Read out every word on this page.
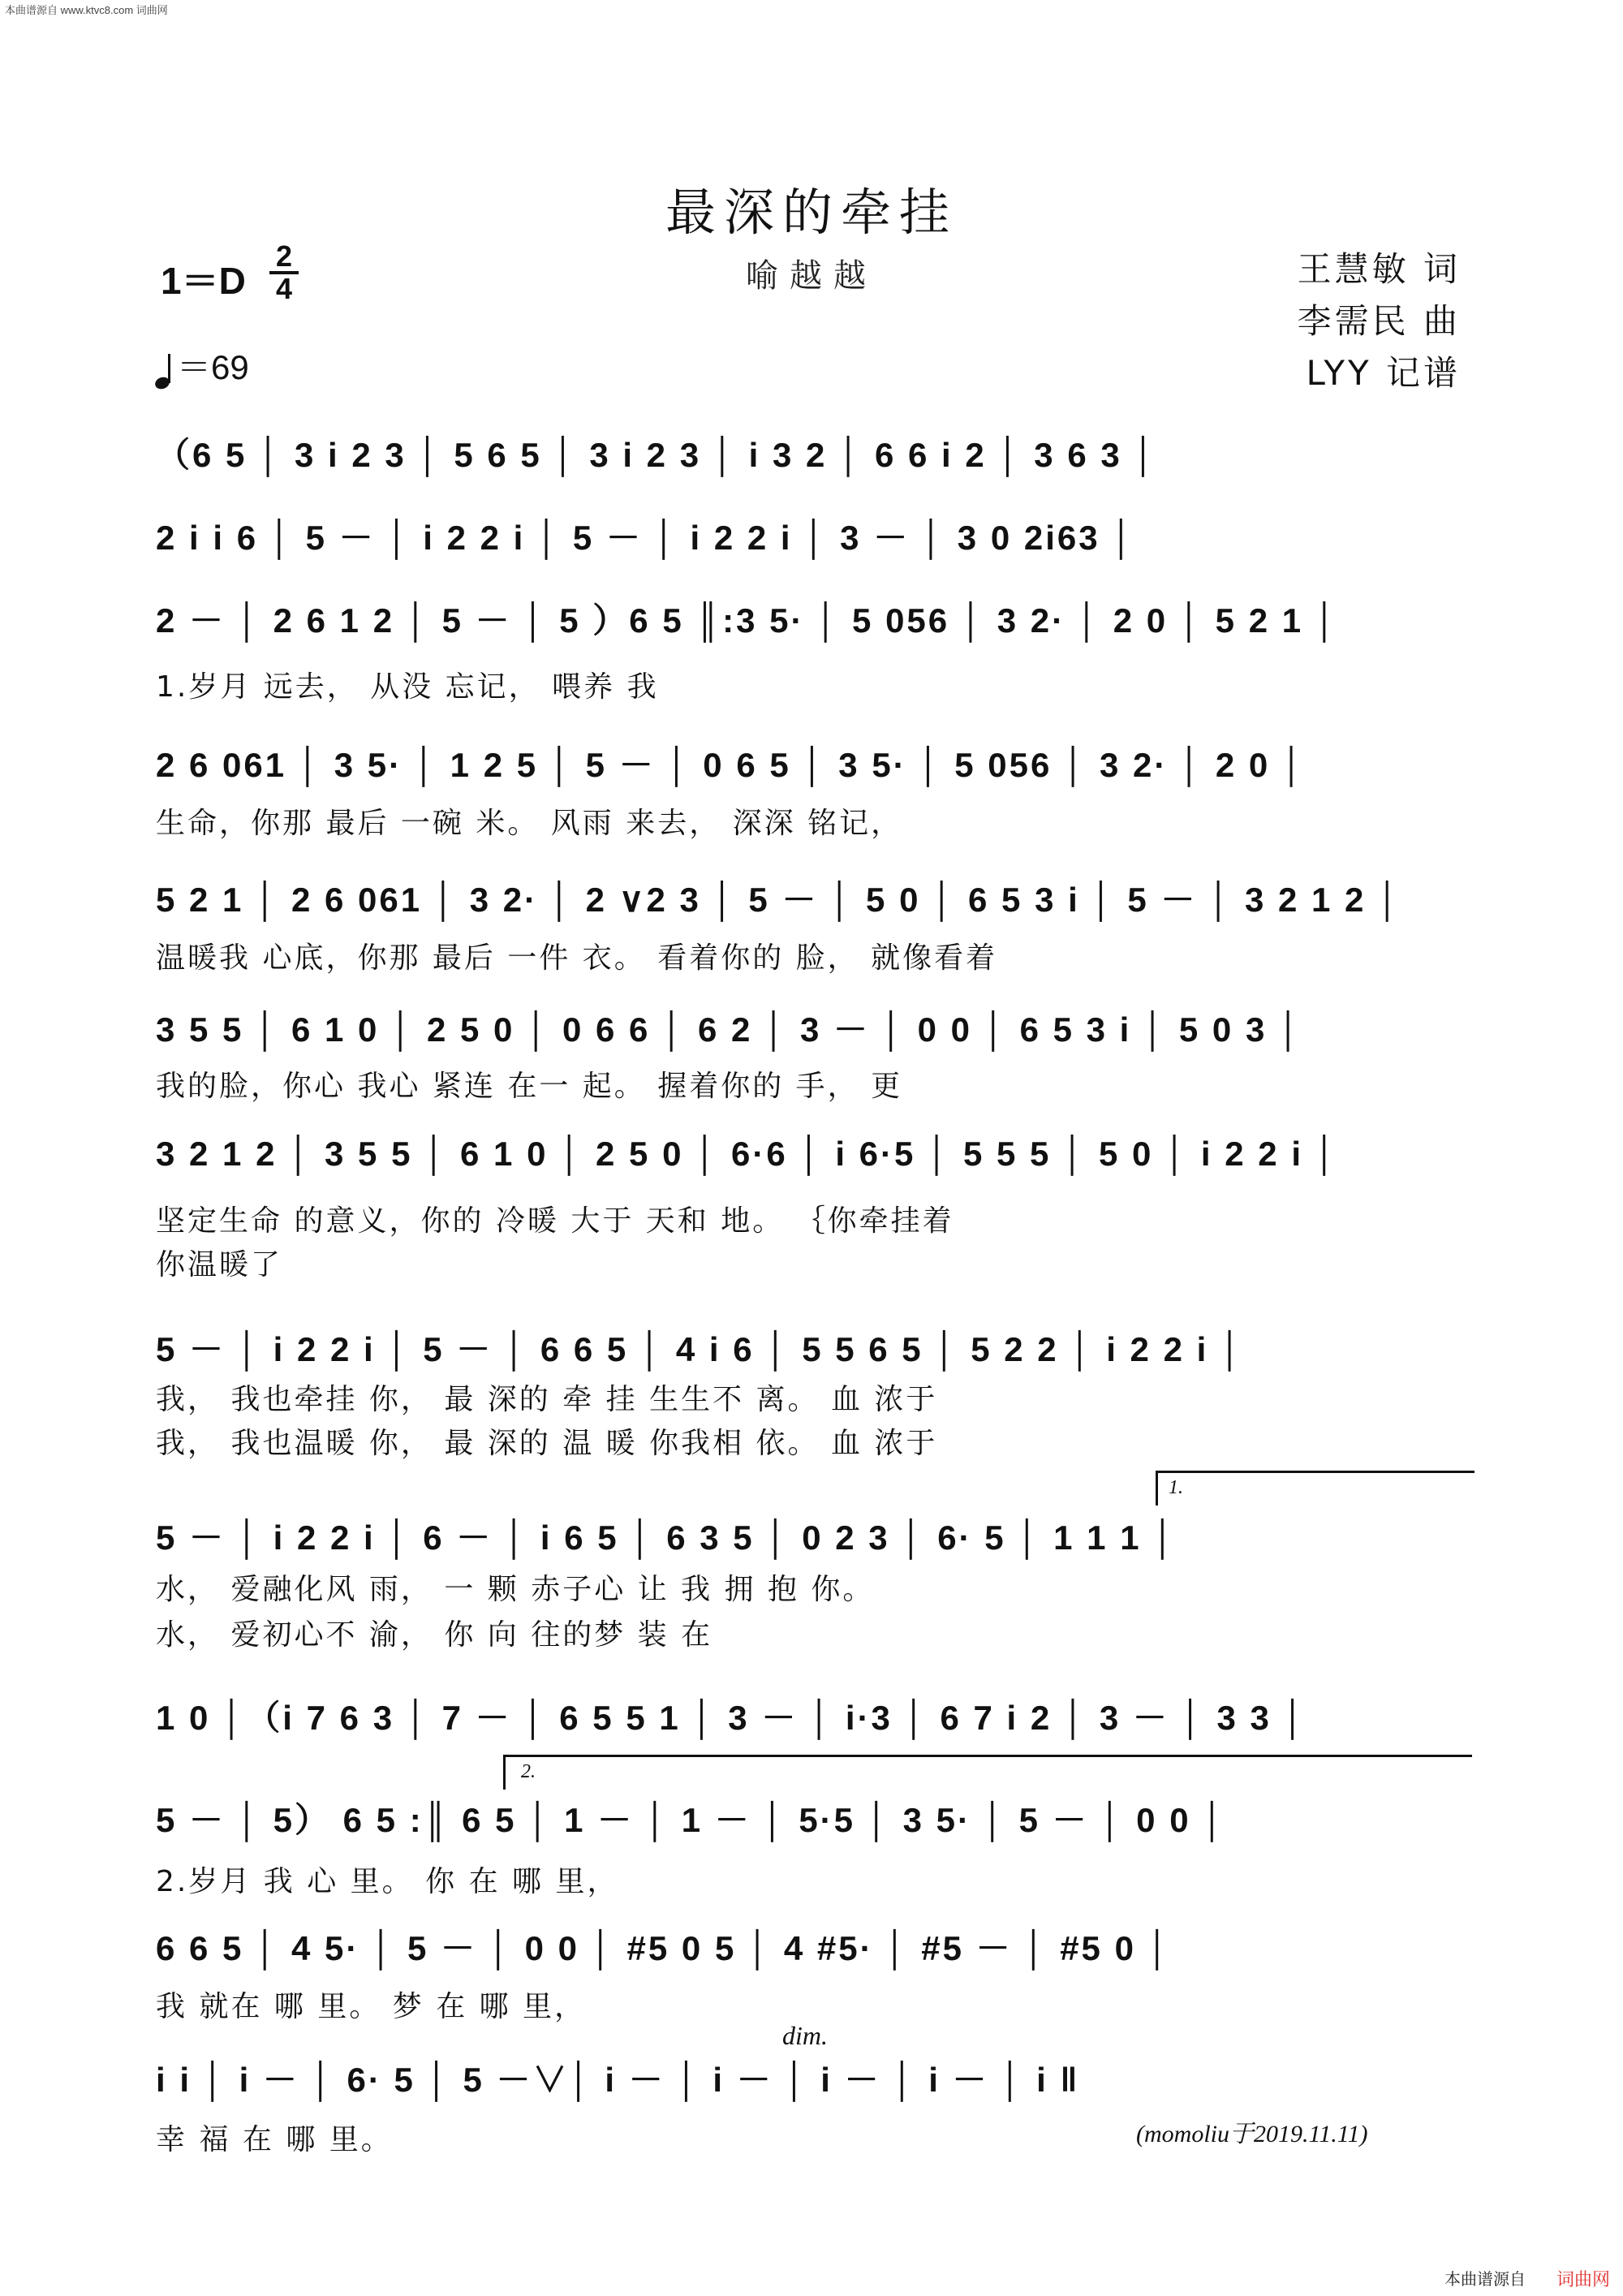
本曲谱源自 www.ktvc8.com 词曲网
最深的牵挂
喻越越
1＝D
2
4
＝69
王慧敏 词
李需民 曲
LYY 记谱
（6 5 │ 3 i 2 3 │ 5 6 5 │ 3 i 2 3 │ i 3 2 │ 6 6 i 2 │ 3 6 3 │
2 i i 6 │ 5 － │ i 2 2 i │ 5 － │ i 2 2 i │ 3 － │ 3 0 2i63 │
2 － │ 2 6 1 2 │ 5 － │ 5 ）6 5 ║:3 5· │ 5 056 │ 3 2· │ 2 0 │ 5 2 1 │
1.岁月 远去， 从没 忘记， 喂养 我
2 6 061 │ 3 5· │ 1 2 5 │ 5 － │ 0 6 5 │ 3 5· │ 5 056 │ 3 2· │ 2 0 │
生命，你那 最后 一碗 米。 风雨 来去， 深深 铭记，
5 2 1 │ 2 6 061 │ 3 2· │ 2 ∨2 3 │ 5 － │ 5 0 │ 6 5 3 i │ 5 － │ 3 2 1 2 │
温暖我 心底，你那 最后 一件 衣。 看着你的 脸， 就像看着
3 5 5 │ 6 1 0 │ 2 5 0 │ 0 6 6 │ 6 2 │ 3 － │ 0 0 │ 6 5 3 i │ 5 0 3 │
我的脸，你心 我心 紧连 在一 起。 握着你的 手， 更
3 2 1 2 │ 3 5 5 │ 6 1 0 │ 2 5 0 │ 6·6 │ i 6·5 │ 5 5 5 │ 5 0 │ i 2 2 i │
坚定生命 的意义，你的 冷暖 大于 天和 地。 ｛你牵挂着
你温暖了
5 － │ i 2 2 i │ 5 － │ 6 6 5 │ 4 i 6 │ 5 5 6 5 │ 5 2 2 │ i 2 2 i │
我， 我也牵挂 你， 最 深的 牵 挂 生生不 离。 血 浓于
我， 我也温暖 你， 最 深的 温 暖 你我相 依。 血 浓于
1.
5 － │ i 2 2 i │ 6 － │ i 6 5 │ 6 3 5 │ 0 2 3 │ 6· 5 │ 1 1 1 │
水， 爱融化风 雨， 一 颗 赤子心 让 我 拥 抱 你。
水， 爱初心不 渝， 你 向 往的梦 装 在
1 0 │（i 7 6 3 │ 7 － │ 6 5 5 1 │ 3 － │ i·3 │ 6 7 i 2 │ 3 － │ 3 3 │
2.
5 － │ 5） 6 5 :║ 6 5 │ 1 － │ 1 － │ 5·5 │ 3 5· │ 5 － │ 0 0 │
2.岁月 我 心 里。 你 在 哪 里，
6 6 5 │ 4 5· │ 5 － │ 0 0 │ #5 0 5 │ 4 #5· │ #5 － │ #5 0 │
我 就在 哪 里。 梦 在 哪 里，
dim.
i i │ i － │ 6· 5 │ 5 －∨│ i － │ i － │ i － │ i － │ i ‖
幸 福 在 哪 里。	(momoliu于2019.11.11)
本曲谱源自 词曲网
